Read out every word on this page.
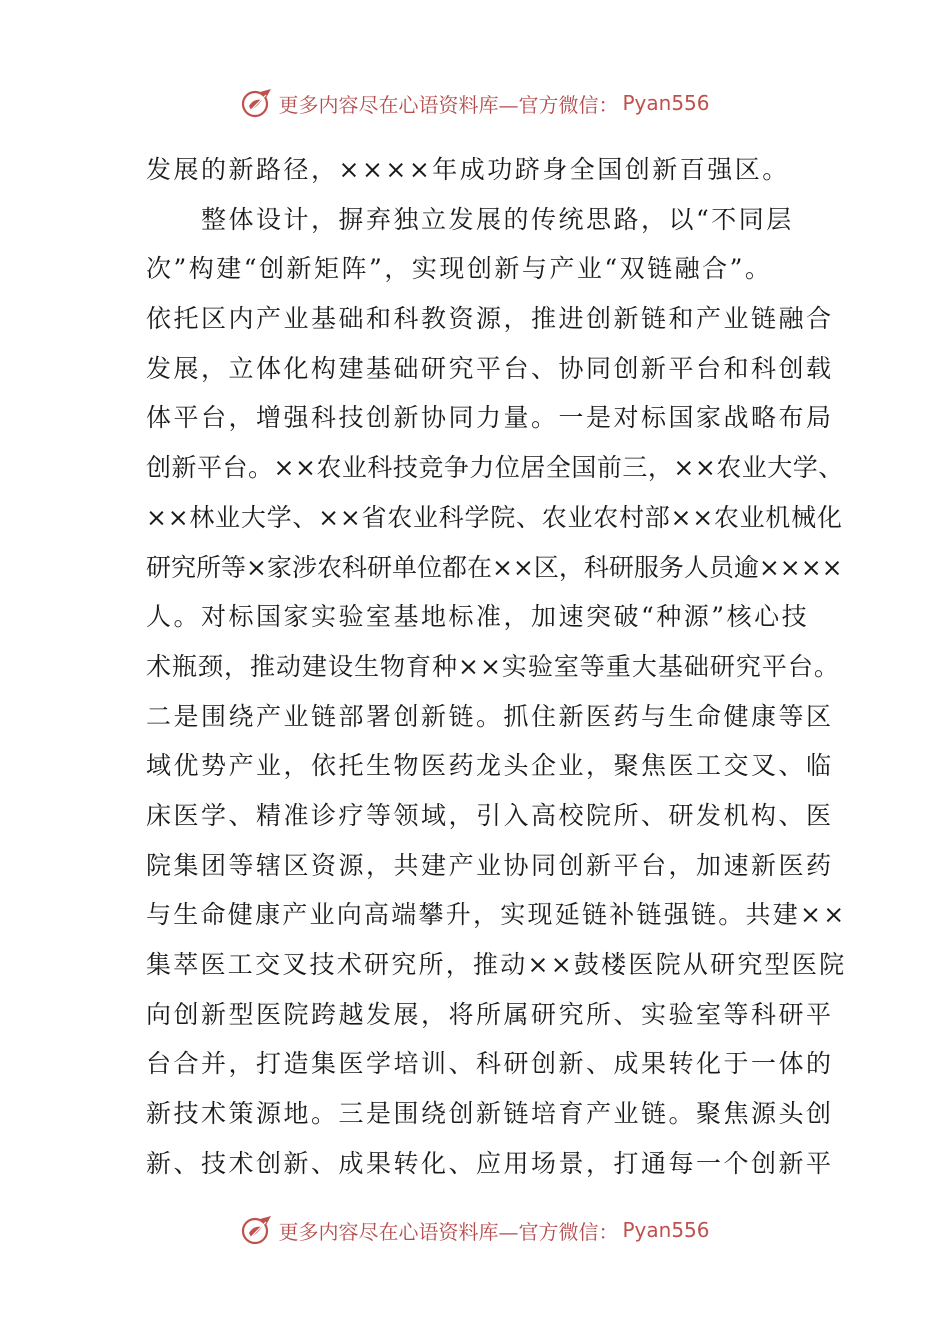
更多内容尽在心语资料库—官方微信： Pyan556
发展的新路径，××××年成功跻身全国创新百强区。
　　整体设计，摒弃独立发展的传统思路，以“不同层
次”构建“创新矩阵”，实现创新与产业“双链融合”。
依托区内产业基础和科教资源，推进创新链和产业链融合
发展，立体化构建基础研究平台、协同创新平台和科创载
体平台，增强科技创新协同力量。一是对标国家战略布局
创新平台。××农业科技竞争力位居全国前三，××农业大学、
××林业大学、××省农业科学院、农业农村部××农业机械化
研究所等×家涉农科研单位都在××区，科研服务人员逾××××
人。对标国家实验室基地标准，加速突破“种源”核心技
术瓶颈，推动建设生物育种××实验室等重大基础研究平台。
二是围绕产业链部署创新链。抓住新医药与生命健康等区
域优势产业，依托生物医药龙头企业，聚焦医工交叉、临
床医学、精准诊疗等领域，引入高校院所、研发机构、医
院集团等辖区资源，共建产业协同创新平台，加速新医药
与生命健康产业向高端攀升，实现延链补链强链。共建××
集萃医工交叉技术研究所，推动××鼓楼医院从研究型医院
向创新型医院跨越发展，将所属研究所、实验室等科研平
台合并，打造集医学培训、科研创新、成果转化于一体的
新技术策源地。三是围绕创新链培育产业链。聚焦源头创
新、技术创新、成果转化、应用场景，打通每一个创新平
更多内容尽在心语资料库—官方微信： Pyan556
